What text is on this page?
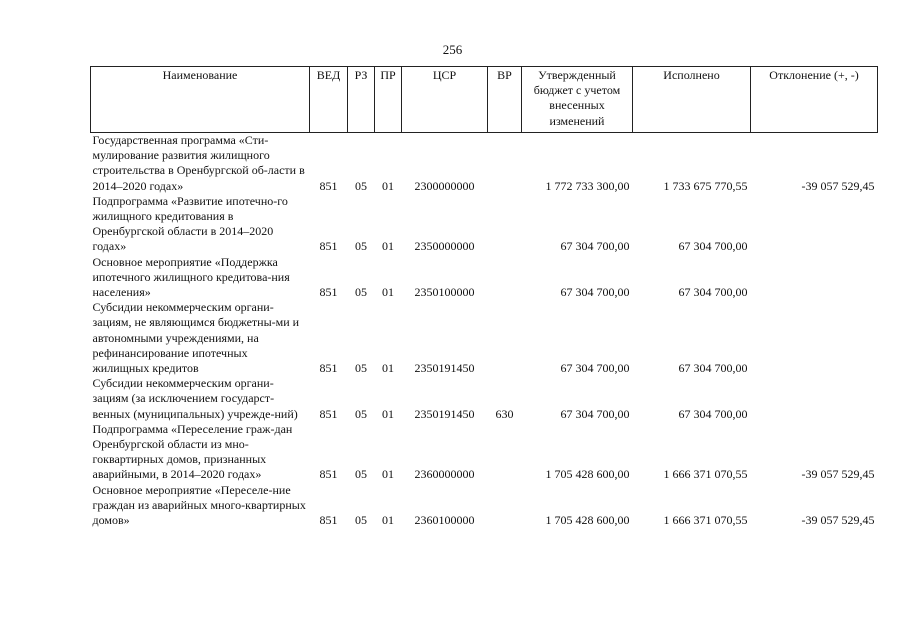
256
Наименование	ВЕД	РЗ	ПР	ЦСР	ВР	Утвержденный бюджет с учетом внесенных изменений	Исполнено	Отклонение (+, -)
Государственная программа «Сти-мулирование развития жилищного строительства в Оренбургской об-ласти в 2014–2020 годах»	851	05	01	2300000000		1 772 733 300,00	1 733 675 770,55	-39 057 529,45
Подпрограмма «Развитие ипотечно-го жилищного кредитования в Оренбургской области в 2014–2020 годах»	851	05	01	2350000000		67 304 700,00	67 304 700,00	
Основное мероприятие «Поддержка ипотечного жилищного кредитова-ния населения»	851	05	01	2350100000		67 304 700,00	67 304 700,00	
Субсидии некоммерческим органи-зациям, не являющимся бюджетны-ми и автономными учреждениями, на рефинансирование ипотечных жилищных кредитов	851	05	01	2350191450		67 304 700,00	67 304 700,00	
Субсидии некоммерческим органи-зациям (за исключением государст-венных (муниципальных) учрежде-ний)	851	05	01	2350191450	630	67 304 700,00	67 304 700,00	
Подпрограмма «Переселение граж-дан Оренбургской области из мно-гоквартирных домов, признанных аварийными, в 2014–2020 годах»	851	05	01	2360000000		1 705 428 600,00	1 666 371 070,55	-39 057 529,45
Основное мероприятие «Переселе-ние граждан из аварийных много-квартирных домов»	851	05	01	2360100000		1 705 428 600,00	1 666 371 070,55	-39 057 529,45
